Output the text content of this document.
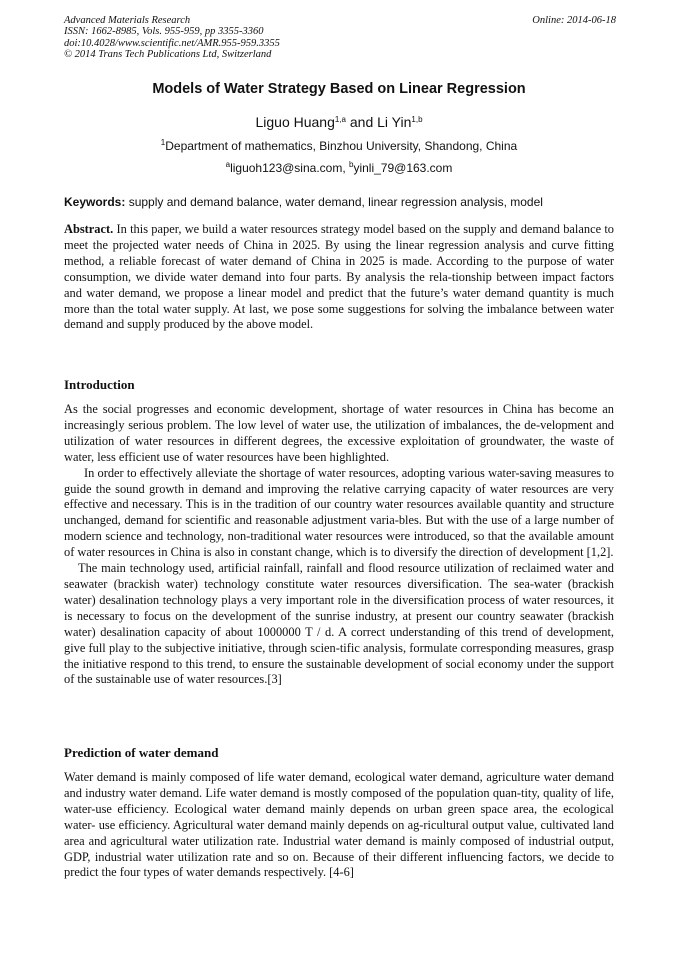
Advanced Materials Research
ISSN: 1662-8985, Vols. 955-959, pp 3355-3360
doi:10.4028/www.scientific.net/AMR.955-959.3355
© 2014 Trans Tech Publications Ltd, Switzerland
Online: 2014-06-18
Models of Water Strategy Based on Linear Regression
Liguo Huang$^{1,a}$ and Li Yin$^{1,b}$
$^1$Department of mathematics, Binzhou University, Shandong, China
$^a$liguoh123@sina.com, $^b$yinli_79@163.com
Keywords: supply and demand balance, water demand, linear regression analysis, model

Abstract. In this paper, we build a water resources strategy model based on the supply and demand balance to meet the projected water needs of China in 2025. By using the linear regression analysis and curve fitting method, a reliable forecast of water demand of China in 2025 is made. According to the purpose of water consumption, we divide water demand into four parts. By analysis the rela-tionship between impact factors and water demand, we propose a linear model and predict that the future’s water demand quantity is much more than the total water supply. At last, we pose some suggestions for solving the imbalance between water demand and supply produced by the above model.

Introduction

As the social progresses and economic development, shortage of water resources in China has become an increasingly serious problem. The low level of water use, the utilization of imbalances, the de-velopment and utilization of water resources in different degrees, the excessive exploitation of groundwater, the waste of water, less efficient use of water resources have been highlighted.

In order to effectively alleviate the shortage of water resources, adopting various water-saving measures to guide the sound growth in demand and improving the relative carrying capacity of water resources are very effective and necessary. This is in the tradition of our country water resources available quantity and structure unchanged, demand for scientific and reasonable adjustment varia-bles. But with the use of a large number of modern science and technology, non-traditional water resources were introduced, so that the available amount of water resources in China is also in constant change, which is to diversify the direction of development [1,2].

The main technology used, artificial rainfall, rainfall and flood resource utilization of reclaimed water and seawater (brackish water) technology constitute water resources diversification. The sea-water (brackish water) desalination technology plays a very important role in the diversification process of water resources, it is necessary to focus on the development of the sunrise industry, at present our country seawater (brackish water) desalination capacity of about 1000000 T / d. A correct understanding of this trend of development, give full play to the subjective initiative, through scien-tific analysis, formulate corresponding measures, grasp the initiative respond to this trend, to ensure the sustainable development of social economy under the support of the sustainable use of water resources.[3]

Prediction of water demand

Water demand is mainly composed of life water demand, ecological water demand, agriculture water demand and industry water demand. Life water demand is mostly composed of the population quan-tity, quality of life, water-use efficiency. Ecological water demand mainly depends on urban green space area, the ecological water- use efficiency. Agricultural water demand mainly depends on ag-ricultural output value, cultivated land area and agricultural water utilization rate. Industrial water demand is mainly composed of industrial output, GDP, industrial water utilization rate and so on. Because of their different influencing factors, we decide to predict the four types of water demands respectively. [4-6]
